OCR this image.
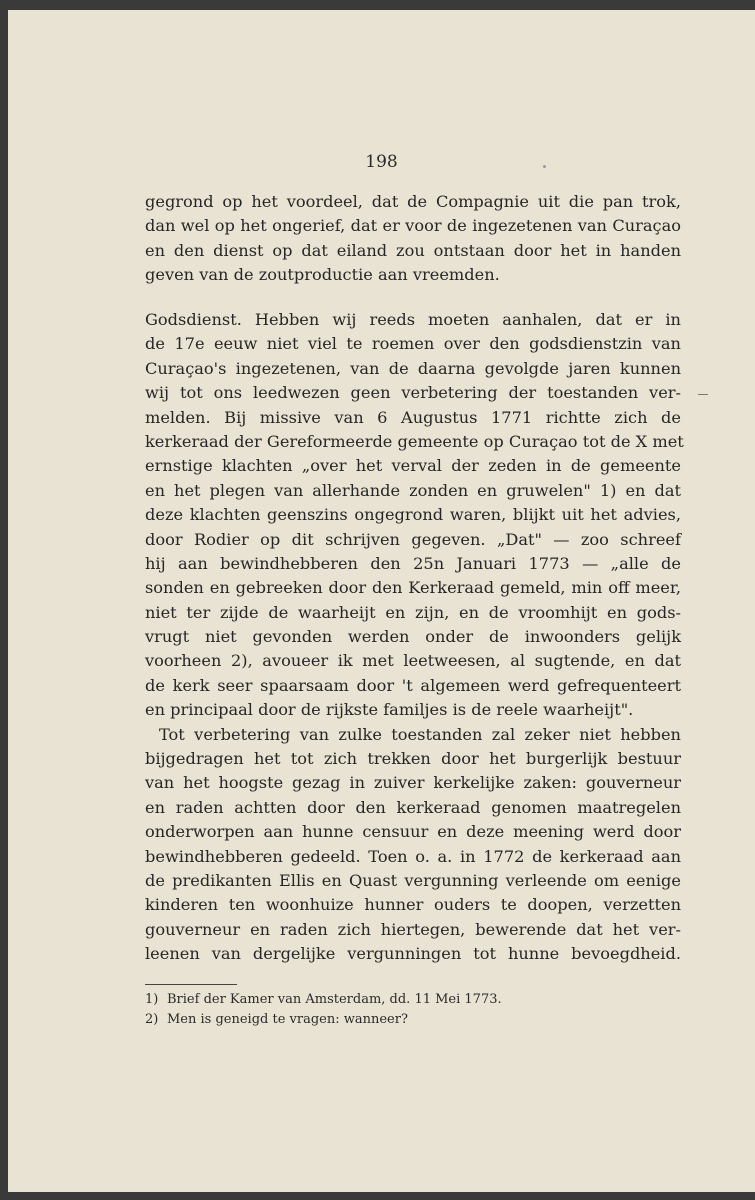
198
gegrond op het voordeel, dat de Compagnie uit die pan trok,
dan wel op het ongerief, dat er voor de ingezetenen van Curaçao
en den dienst op dat eiland zou ontstaan door het in handen
geven van de zoutproductie aan vreemden.
Godsdienst. Hebben wij reeds moeten aanhalen, dat er in
de 17e eeuw niet viel te roemen over den godsdienstzin van
Curaçao's ingezetenen, van de daarna gevolgde jaren kunnen
wij tot ons leedwezen geen verbetering der toestanden ver-
melden. Bij missive van 6 Augustus 1771 richtte zich de
kerkeraad der Gereformeerde gemeente op Curaçao tot de X met
ernstige klachten „over het verval der zeden in de gemeente
en het plegen van allerhande zonden en gruwelen" 1) en dat
deze klachten geenszins ongegrond waren, blijkt uit het advies,
door Rodier op dit schrijven gegeven. „Dat" — zoo schreef
hij aan bewindhebberen den 25n Januari 1773 — „alle de
sonden en gebreeken door den Kerkeraad gemeld, min off meer,
niet ter zijde de waarheijt en zijn, en de vroomhijt en gods-
vrugt niet gevonden werden onder de inwoonders gelijk
voorheen 2), avoueer ik met leetweesen, al sugtende, en dat
de kerk seer spaarsaam door 't algemeen werd gefrequenteert
en principaal door de rijkste familjes is de reele waarheijt".
Tot verbetering van zulke toestanden zal zeker niet hebben
bijgedragen het tot zich trekken door het burgerlijk bestuur
van het hoogste gezag in zuiver kerkelijke zaken: gouverneur
en raden achtten door den kerkeraad genomen maatregelen
onderworpen aan hunne censuur en deze meening werd door
bewindhebberen gedeeld. Toen o. a. in 1772 de kerkeraad aan
de predikanten Ellis en Quast vergunning verleende om eenige
kinderen ten woonhuize hunner ouders te doopen, verzetten
gouverneur en raden zich hiertegen, bewerende dat het ver-
leenen van dergelijke vergunningen tot hunne bevoegdheid.
1) Brief der Kamer van Amsterdam, dd. 11 Mei 1773.
2) Men is geneigd te vragen: wanneer?
